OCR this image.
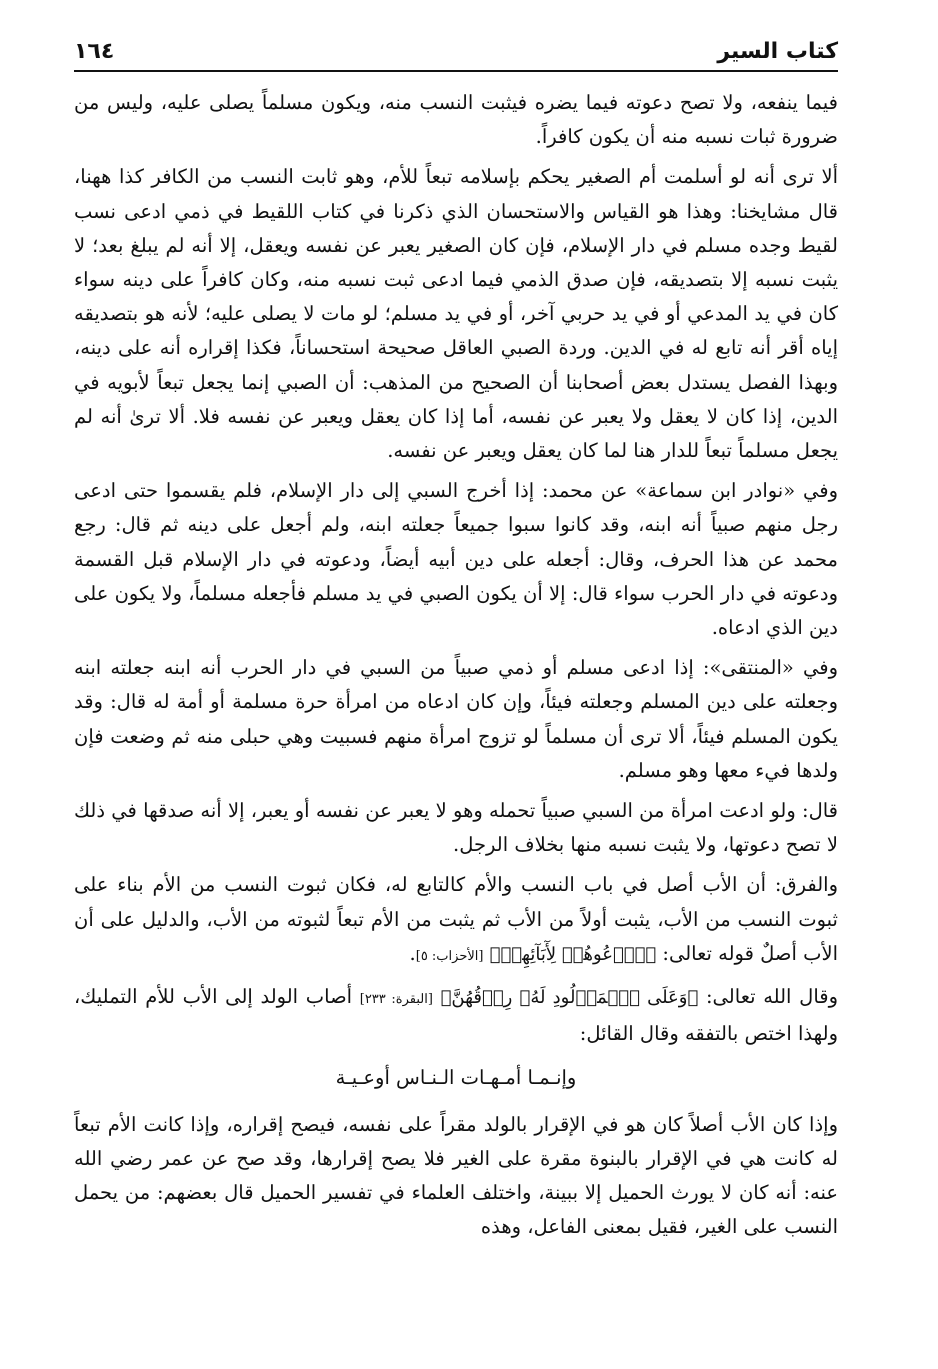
كتاب السير
١٦٤

فيما ينفعه، ولا تصح دعوته فيما يضره فيثبت النسب منه، ويكون مسلماً يصلى عليه، وليس من ضرورة ثبات نسبه منه أن يكون كافراً.

ألا ترى أنه لو أسلمت أم الصغير يحكم بإسلامه تبعاً للأم، وهو ثابت النسب من الكافر كذا ههنا، قال مشايخنا: وهذا هو القياس والاستحسان الذي ذكرنا في كتاب اللقيط في ذمي ادعى نسب لقيط وجده مسلم في دار الإسلام، فإن كان الصغير يعبر عن نفسه ويعقل، إلا أنه لم يبلغ بعد؛ لا يثبت نسبه إلا بتصديقه، فإن صدق الذمي فيما ادعى ثبت نسبه منه، وكان كافراً على دينه سواء كان في يد المدعي أو في يد حربي آخر، أو في يد مسلم؛ لو مات لا يصلى عليه؛ لأنه هو بتصديقه إياه أقر أنه تابع له في الدين. وردة الصبي العاقل صحيحة استحساناً، فكذا إقراره أنه على دينه، وبهذا الفصل يستدل بعض أصحابنا أن الصحيح من المذهب: أن الصبي إنما يجعل تبعاً لأبويه في الدين، إذا كان لا يعقل ولا يعبر عن نفسه، أما إذا كان يعقل ويعبر عن نفسه فلا. ألا ترىٰ أنه لم يجعل مسلماً تبعاً للدار هنا لما كان يعقل ويعبر عن نفسه.

وفي «نوادر ابن سماعة» عن محمد: إذا أخرج السبي إلى دار الإسلام، فلم يقسموا حتى ادعى رجل منهم صبياً أنه ابنه، وقد كانوا سبوا جميعاً جعلته ابنه، ولم أجعل على دينه ثم قال: رجع محمد عن هذا الحرف، وقال: أجعله على دين أبيه أيضاً، ودعوته في دار الإسلام قبل القسمة ودعوته في دار الحرب سواء قال: إلا أن يكون الصبي في يد مسلم فأجعله مسلماً، ولا يكون على دين الذي ادعاه.

وفي «المنتقى»: إذا ادعى مسلم أو ذمي صبياً من السبي في دار الحرب أنه ابنه جعلته ابنه وجعلته على دين المسلم وجعلته فيئاً، وإن كان ادعاه من امرأة حرة مسلمة أو أمة له قال: وقد يكون المسلم فيئاً، ألا ترى أن مسلماً لو تزوج امرأة منهم فسبيت وهي حبلى منه ثم وضعت فإن ولدها فيء معها وهو مسلم.

قال: ولو ادعت امرأة من السبي صبياً تحمله وهو لا يعبر عن نفسه أو يعبر، إلا أنه صدقها في ذلك لا تصح دعوتها، ولا يثبت نسبه منها بخلاف الرجل.

والفرق: أن الأب أصل في باب النسب والأم كالتابع له، فكان ثبوت النسب من الأم بناء على ثبوت النسب من الأب، يثبت أولاً من الأب ثم يثبت من الأم تبعاً لثبوته من الأب، والدليل على أن الأب أصلٌ قوله تعالى: ﴿ٱدۡعُوهُمۡ لِأٓبَآئِهِمۡ﴾ [الأحزاب: ٥].

وقال الله تعالى: ﴿وَعَلَى ٱلۡمَوۡلُودِ لَهُۥ رِزۡقُهُنَّ﴾ [البقرة: ٢٣٣] أصاب الولد إلى الأب للأم التمليك، ولهذا اختص بالتفقه وقال القائل:

وإنـمـا أمـهـات الـنـاس أوعـيـة

وإذا كان الأب أصلاً كان هو في الإقرار بالولد مقراً على نفسه، فيصح إقراره، وإذا كانت الأم تبعاً له كانت هي في الإقرار بالبنوة مقرة على الغير فلا يصح إقرارها، وقد صح عن عمر رضي الله عنه: أنه كان لا يورث الحميل إلا ببينة، واختلف العلماء في تفسير الحميل قال بعضهم: من يحمل النسب على الغير، فقيل بمعنى الفاعل، وهذه
